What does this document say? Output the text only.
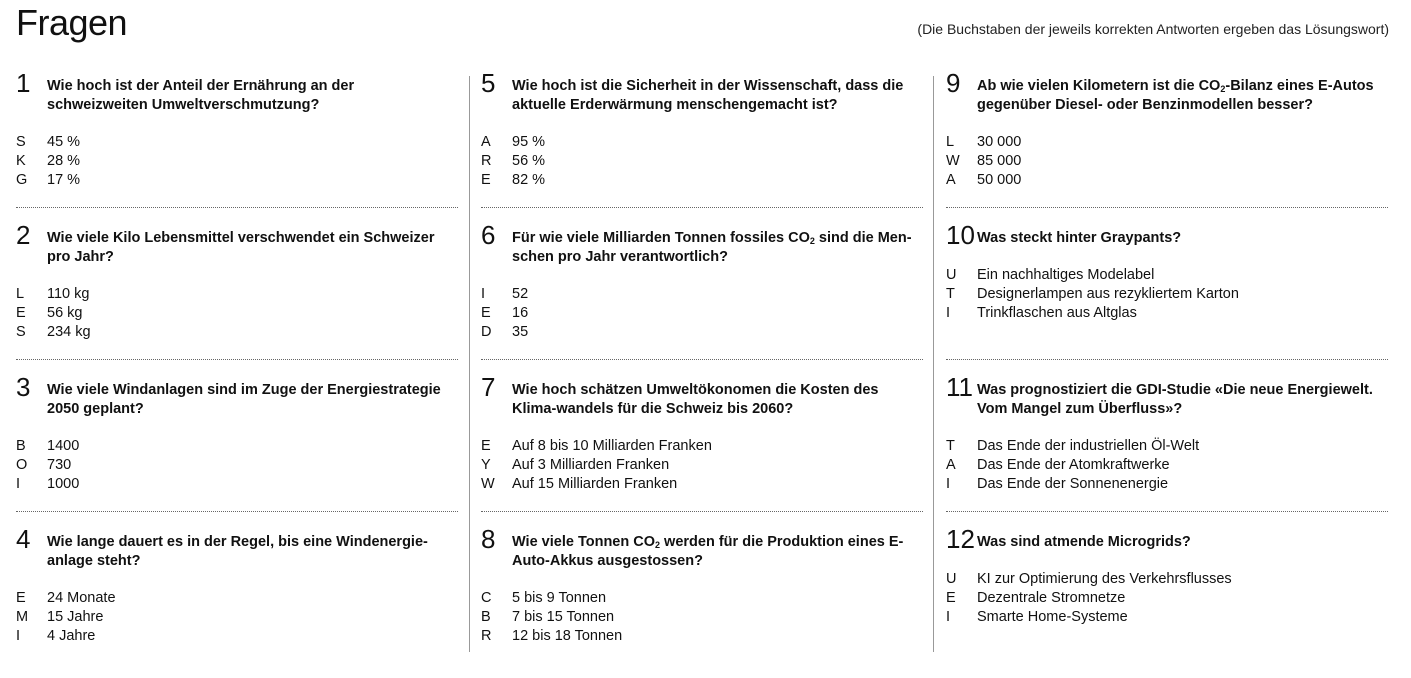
Fragen	(Die Buchstaben der jeweils korrekten Antworten ergeben das Lösungswort)
1	Wie hoch ist der Anteil der Ernährung an der schweizweiten Umweltverschmutzung?
S	45 %
K	28 %
G	17 %
2	Wie viele Kilo Lebensmittel verschwendet ein Schweizer pro Jahr?
L	110 kg
E	56 kg
S	234 kg
3	Wie viele Windanlagen sind im Zuge der Energiestrategie 2050 geplant?
B	1400
O	730
I	1000
4	Wie lange dauert es in der Regel, bis eine Windenergie-anlage steht?
E	24 Monate
M	15 Jahre
I	4 Jahre
5	Wie hoch ist die Sicherheit in der Wissenschaft, dass die aktuelle Erderwärmung menschengemacht ist?
A	95 %
R	56 %
E	82 %
6	Für wie viele Milliarden Tonnen fossiles $CO_2$ sind die Men-schen pro Jahr verantwortlich?
I	52
E	16
D	35
7	Wie hoch schätzen Umweltökonomen die Kosten des Klima-wandels für die Schweiz bis 2060?
E	Auf 8 bis 10 Milliarden Franken
Y	Auf 3 Milliarden Franken
W	Auf 15 Milliarden Franken
8	Wie viele Tonnen $CO_2$ werden für die Produktion eines E-Auto-Akkus ausgestossen?
C	5 bis 9 Tonnen
B	7 bis 15 Tonnen
R	12 bis 18 Tonnen
9	Ab wie vielen Kilometern ist die $CO_2$-Bilanz eines E-Autos gegenüber Diesel- oder Benzinmodellen besser?
L	30 000
W	85 000
A	50 000
10 Was steckt hinter Graypants?
U	Ein nachhaltiges Modelabel
T	Designerlampen aus rezykliertem Karton
I	Trinkflaschen aus Altglas
11 Was prognostiziert die GDI-Studie «Die neue Energiewelt. Vom Mangel zum Überfluss»?
T	Das Ende der industriellen Öl-Welt
A	Das Ende der Atomkraftwerke
I	Das Ende der Sonnenenergie
12 Was sind atmende Microgrids?
U	KI zur Optimierung des Verkehrsflusses
E	Dezentrale Stromnetze
I	Smarte Home-Systeme
